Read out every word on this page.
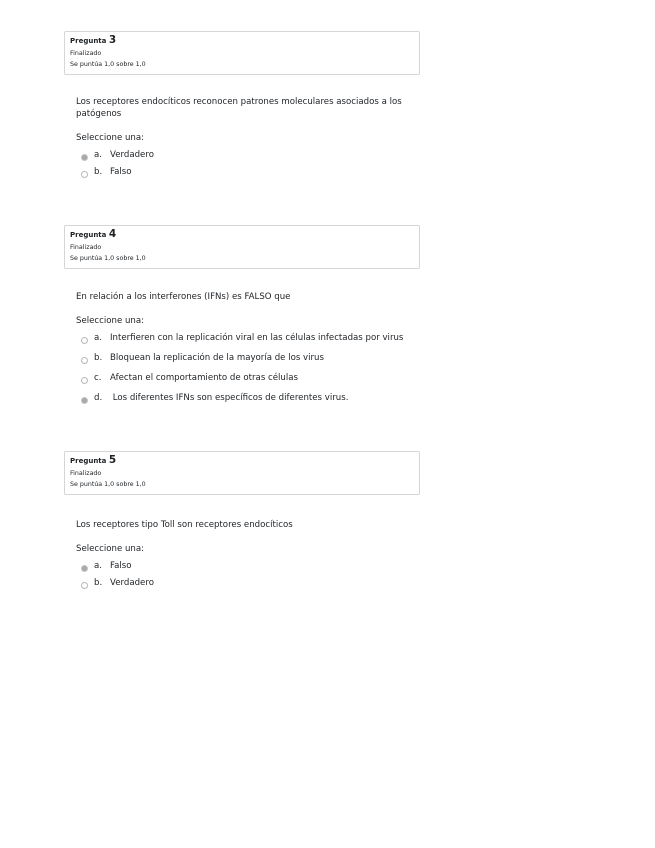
Pregunta 3
Finalizado
Se puntúa 1,0 sobre 1,0
Los receptores endocíticos reconocen patrones moleculares asociados a los patógenos
Seleccione una:
a. Verdadero
b. Falso
Pregunta 4
Finalizado
Se puntúa 1,0 sobre 1,0
En relación a los interferones (IFNs) es FALSO que
Seleccione una:
a. Interfieren con la replicación viral en las células infectadas por virus
b. Bloquean la replicación de la mayoría de los virus
c. Afectan el comportamiento de otras células
d. Los diferentes IFNs son específicos de diferentes virus.
Pregunta 5
Finalizado
Se puntúa 1,0 sobre 1,0
Los receptores tipo Toll son receptores endocíticos
Seleccione una:
a. Falso
b. Verdadero
